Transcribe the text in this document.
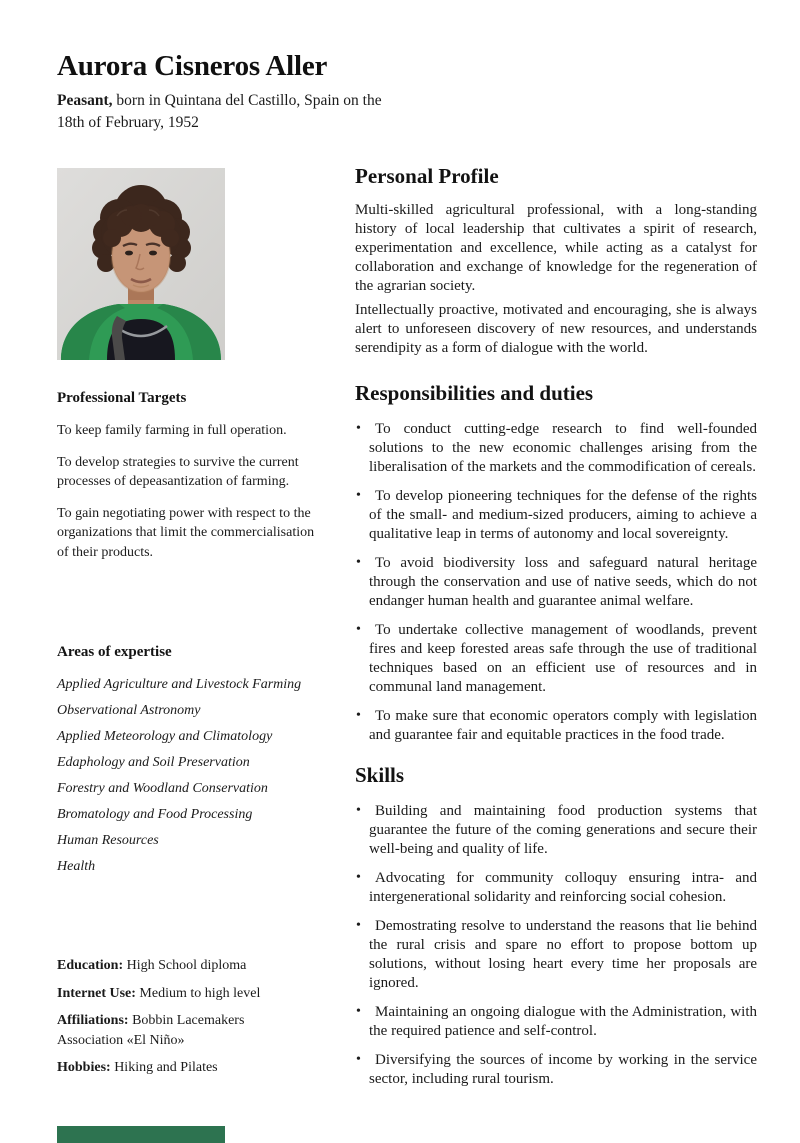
Aurora Cisneros Aller
Peasant, born in Quintana del Castillo, Spain on the 18th of February, 1952
Professional Targets

To keep family farming in full operation.

To develop strategies to survive the current processes of depeasantization of farming.

To gain negotiating power with respect to the organizations that limit the commercialisation of their products.

Areas of expertise

Applied Agriculture and Livestock Farming

Observational Astronomy

Applied Meteorology and Climatology

Edaphology and Soil Preservation

Forestry and Woodland Conservation

Bromatology and Food Processing

Human Resources

Health

Education: High School diploma

Internet Use: Medium to high level

Affiliations: Bobbin Lacemakers Association «El Niño»

Hobbies: Hiking and Pilates

Personal Profile

Multi-skilled agricultural professional, with a long-standing history of local leadership that cultivates a spirit of research, experimentation and excellence, while acting as a catalyst for collaboration and exchange of knowledge for the regeneration of the agrarian society.

Intellectually proactive, motivated and encouraging, she is always alert to unforeseen discovery of new resources, and understands serendipity as a form of dialogue with the world.

Responsibilities and duties
• To conduct cutting-edge research to find well-founded solutions to the new economic challenges arising from the liberalisation of the markets and the commodification of cereals.
• To develop pioneering techniques for the defense of the rights of the small- and medium-sized producers, aiming to achieve a qualitative leap in terms of autonomy and local sovereignty.
• To avoid biodiversity loss and safeguard natural heritage through the conservation and use of native seeds, which do not endanger human health and guarantee animal welfare.
• To undertake collective management of woodlands, prevent fires and keep forested areas safe through the use of traditional techniques based on an efficient use of resources and in communal land management.
• To make sure that economic operators comply with legislation and guarantee fair and equitable practices in the food trade.
Skills
• Building and maintaining food production systems that guarantee the future of the coming generations and secure their well-being and quality of life.
• Advocating for community colloquy ensuring intra- and intergenerational solidarity and reinforcing social cohesion.
• Demostrating resolve to understand the reasons that lie behind the rural crisis and spare no effort to propose bottom up solutions, without losing heart every time her proposals are ignored.
• Maintaining an ongoing dialogue with the Administration, with the required patience and self-control.
• Diversifying the sources of income by working in the service sector, including rural tourism.
